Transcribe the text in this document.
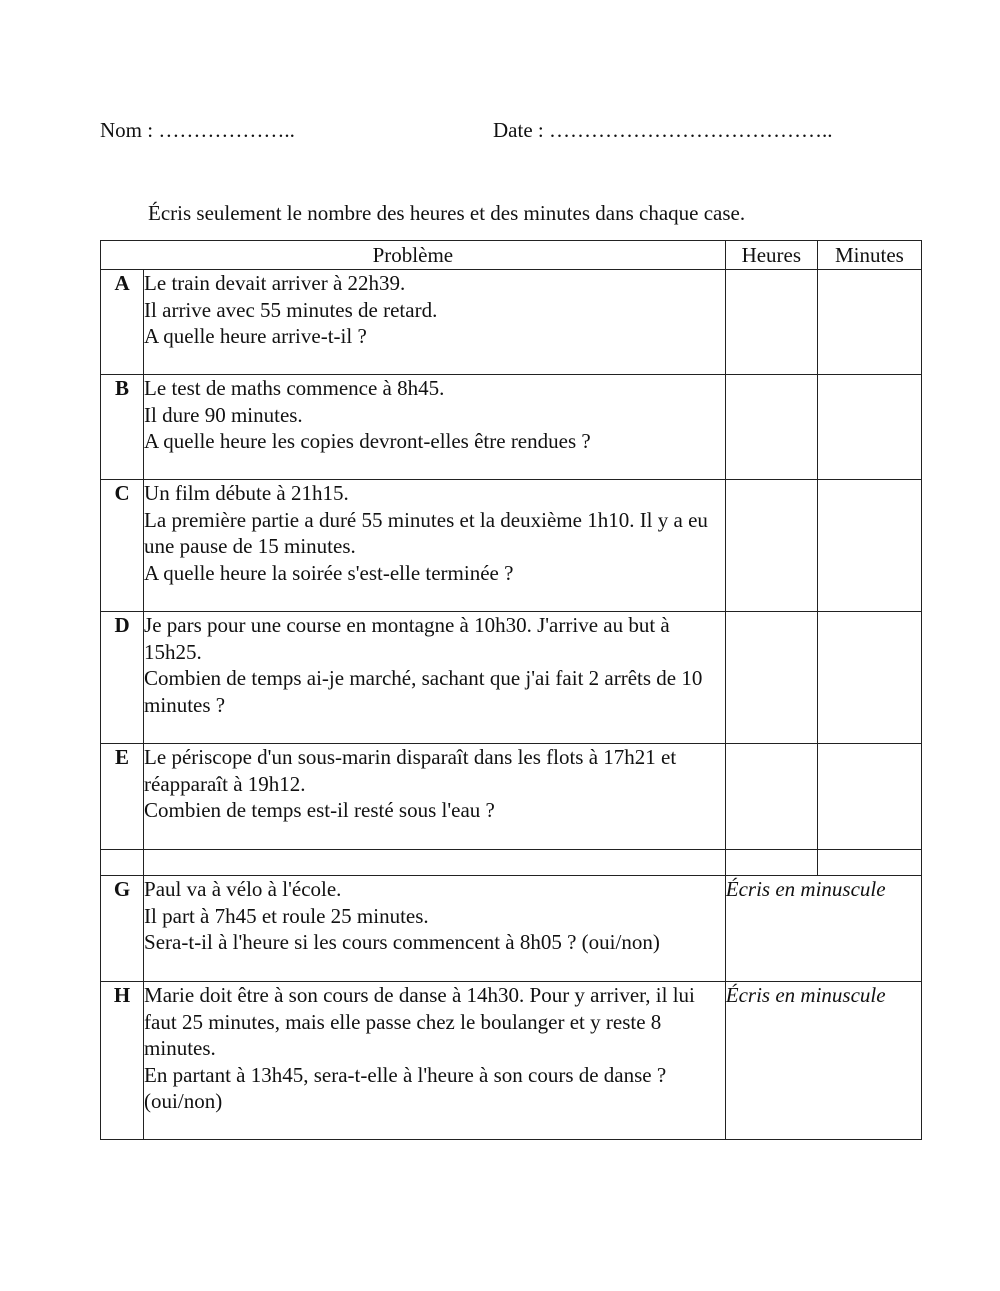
Nom : ………………..	Date : …………………………………..
Écris seulement le nombre des heures et des minutes dans chaque case.
Problème		Heures	Minutes
A	Le train devait arriver à 22h39.
Il arrive avec 55 minutes de retard.
A quelle heure arrive-t-il ?		

B	Le test de maths commence à 8h45.
Il dure 90 minutes.
A quelle heure les copies devront-elles être rendues ?		

C	Un film débute à 21h15.
La première partie a duré 55 minutes et la deuxième 1h10. Il y a eu une pause de 15 minutes.
A quelle heure la soirée s'est-elle terminée ?		

D	Je pars pour une course en montagne à 10h30. J'arrive au but à 15h25.
Combien de temps ai-je marché, sachant que j'ai fait 2 arrêts de 10 minutes ?		

E	Le périscope d'un sous-marin disparaît dans les flots à 17h21 et réapparaît à 19h12.
Combien de temps est-il resté sous l'eau ?		

G	Paul va à vélo à l'école.
Il part à 7h45 et roule 25 minutes.
Sera-t-il à l'heure si les cours commencent à 8h05 ? (oui/non)	Écris en minuscule	
H	Marie doit être à son cours de danse à 14h30. Pour y arriver, il lui faut 25 minutes, mais elle passe chez le boulanger et y reste 8 minutes.
En partant à 13h45, sera-t-elle à l'heure à son cours de danse ? (oui/non)	Écris en minuscule	
